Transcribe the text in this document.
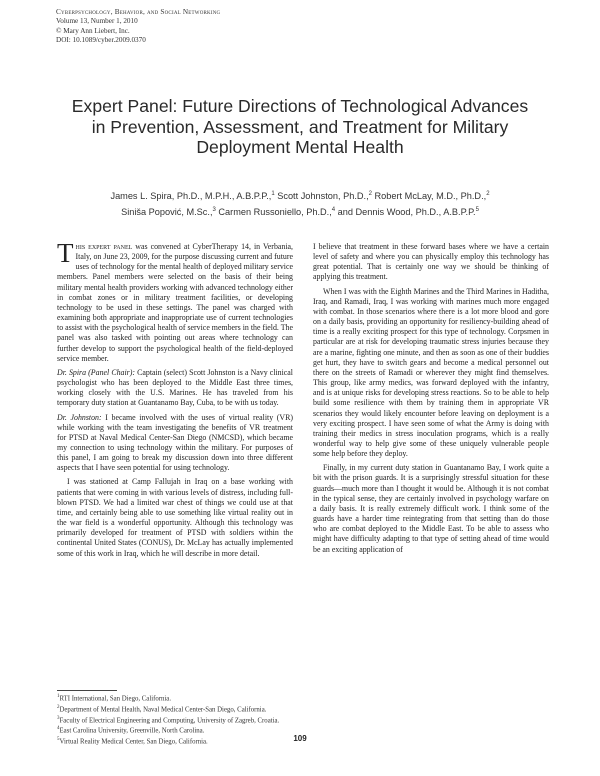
Cyberpsychology, Behavior, and Social Networking
Volume 13, Number 1, 2010
© Mary Ann Liebert, Inc.
DOI: 10.1089/cyber.2009.0370
Expert Panel: Future Directions of Technological Advances
in Prevention, Assessment, and Treatment for Military
Deployment Mental Health
James L. Spira, Ph.D., M.P.H., A.B.P.P.,$^1$ Scott Johnston, Ph.D.,$^2$ Robert McLay, M.D., Ph.D.,$^2$
Siniša Popović, M.Sc.,$^3$ Carmen Russoniello, Ph.D.,$^4$ and Dennis Wood, Ph.D., A.B.P.P.$^5$

This expert panel was convened at CyberTherapy 14, in Verbania, Italy, on June 23, 2009, for the purpose discussing current and future uses of technology for the mental health of deployed military service members. Panel members were selected on the basis of their being military mental health providers working with advanced technology either in combat zones or in military treatment facilities, or developing technology to be used in these settings. The panel was charged with examining both appropriate and inappropriate use of current technologies to assist with the psychological health of service members in the field. The panel was also tasked with pointing out areas where technology can further develop to support the psychological health of the field-deployed service member.

Dr. Spira (Panel Chair): Captain (select) Scott Johnston is a Navy clinical psychologist who has been deployed to the Middle East three times, working closely with the U.S. Marines. He has traveled from his temporary duty station at Guantanamo Bay, Cuba, to be with us today.

Dr. Johnston: I became involved with the uses of virtual reality (VR) while working with the team investigating the benefits of VR treatment for PTSD at Naval Medical Center-San Diego (NMCSD), which became my connection to using technology within the military. For purposes of this panel, I am going to break my discussion down into three different aspects that I have seen potential for using technology.

I was stationed at Camp Fallujah in Iraq on a base working with patients that were coming in with various levels of distress, including full-blown PTSD. We had a limited war chest of things we could use at that time, and certainly being able to use something like virtual reality out in the war field is a wonderful opportunity. Although this technology was primarily developed for treatment of PTSD with soldiers within the continental United States (CONUS), Dr. McLay has actually implemented some of this work in Iraq, which he will describe in more detail.

I believe that treatment in these forward bases where we have a certain level of safety and where you can physically employ this technology has great potential. That is certainly one way we should be thinking of applying this treatment.

When I was with the Eighth Marines and the Third Marines in Haditha, Iraq, and Ramadi, Iraq, I was working with marines much more engaged with combat. In those scenarios where there is a lot more blood and gore on a daily basis, providing an opportunity for resiliency-building ahead of time is a really exciting prospect for this type of technology. Corpsmen in particular are at risk for developing traumatic stress injuries because they are a marine, fighting one minute, and then as soon as one of their buddies get hurt, they have to switch gears and become a medical personnel out there on the streets of Ramadi or wherever they might find themselves. This group, like army medics, was forward deployed with the infantry, and is at unique risks for developing stress reactions. So to be able to help build some resilience with them by training them in appropriate VR scenarios they would likely encounter before leaving on deployment is a very exciting prospect. I have seen some of what the Army is doing with training their medics in stress inoculation programs, which is a really wonderful way to help give some of these uniquely vulnerable people some help before they deploy.

Finally, in my current duty station in Guantanamo Bay, I work quite a bit with the prison guards. It is a surprisingly stressful situation for these guards—much more than I thought it would be. Although it is not combat in the typical sense, they are certainly involved in psychology warfare on a daily basis. It is really extremely difficult work. I think some of the guards have a harder time reintegrating from that setting than do those who are combat deployed to the Middle East. To be able to assess who might have difficulty adapting to that type of setting ahead of time would be an exciting application of

$^1$RTI International, San Diego, California.
$^2$Department of Mental Health, Naval Medical Center-San Diego, California.
$^3$Faculty of Electrical Engineering and Computing, University of Zagreb, Croatia.
$^4$East Carolina University, Greenville, North Carolina.
$^5$Virtual Reality Medical Center, San Diego, California.	109
